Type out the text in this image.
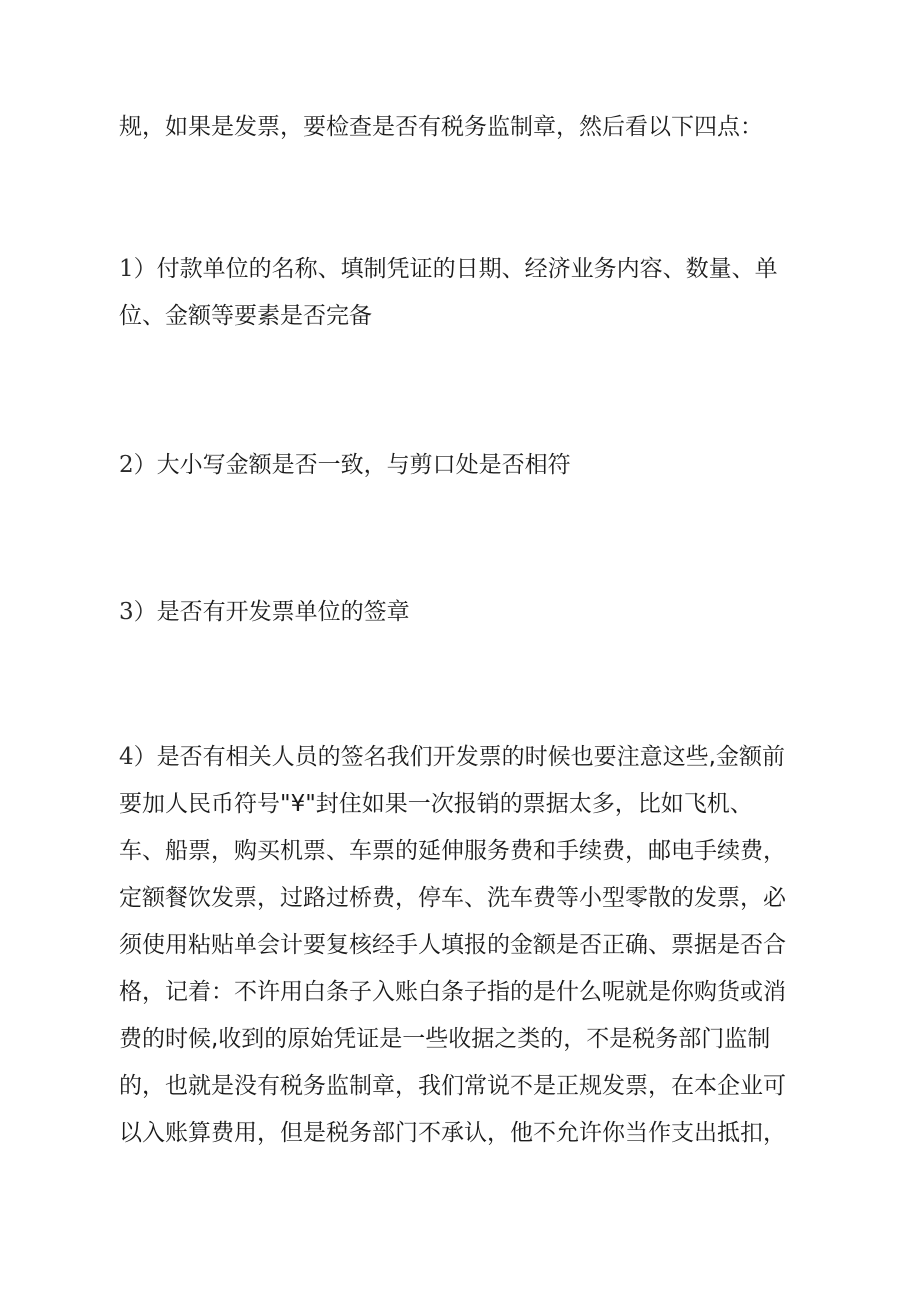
规，如果是发票，要检查是否有税务监制章，然后看以下四点：

1）付款单位的名称、填制凭证的日期、经济业务内容、数量、单
位、金额等要素是否完备

2）大小写金额是否一致，与剪口处是否相符

3）是否有开发票单位的签章

4）是否有相关人员的签名我们开发票的时候也要注意这些,金额前
要加人民币符号"¥"封住如果一次报销的票据太多，比如飞机、
车、船票，购买机票、车票的延伸服务费和手续费，邮电手续费，
定额餐饮发票，过路过桥费，停车、洗车费等小型零散的发票，必
须使用粘贴单会计要复核经手人填报的金额是否正确、票据是否合
格，记着：不许用白条子入账白条子指的是什么呢就是你购货或消
费的时候,收到的原始凭证是一些收据之类的，不是税务部门监制
的，也就是没有税务监制章，我们常说不是正规发票，在本企业可
以入账算费用，但是税务部门不承认，他不允许你当作支出抵扣，
